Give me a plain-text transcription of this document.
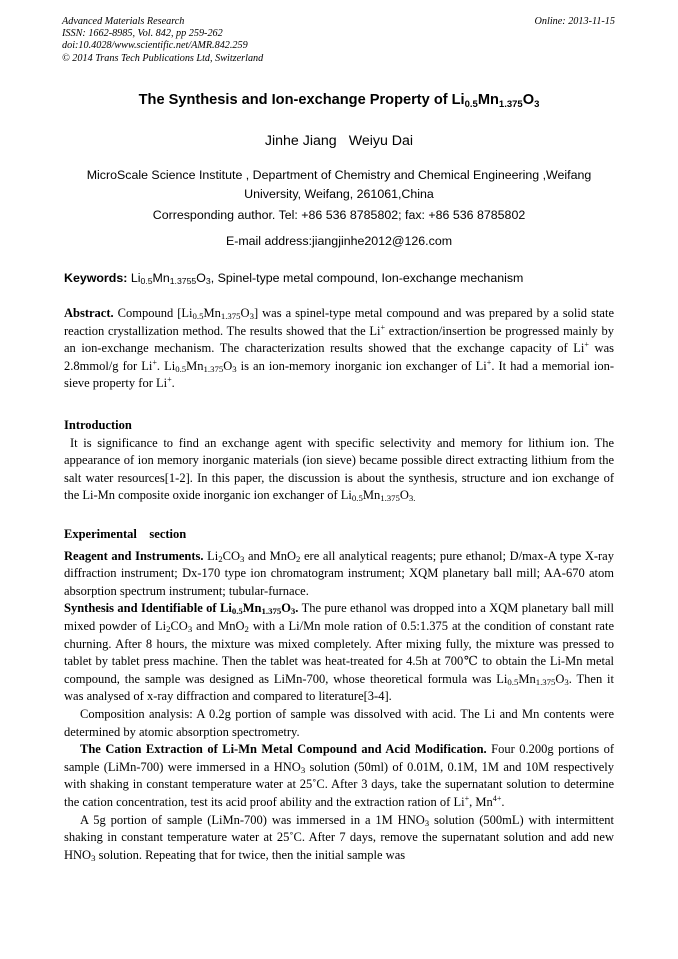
Advanced Materials Research
ISSN: 1662-8985, Vol. 842, pp 259-262
doi:10.4028/www.scientific.net/AMR.842.259
© 2014 Trans Tech Publications Ltd, Switzerland
Online: 2013-11-15
The Synthesis and Ion-exchange Property of $Li_{0.5}Mn_{1.375}O_3$
Jinhe Jiang Weiyu Dai
MicroScale Science Institute , Department of Chemistry and Chemical Engineering ,Weifang University, Weifang, 261061,China
Corresponding author. Tel: +86 536 8785802; fax: +86 536 8785802
E-mail address:jiangjinhe2012@126.com
Keywords: $Li_{0.5}Mn_{1.3755}O_3$, Spinel-type metal compound, Ion-exchange mechanism

Abstract. Compound $[Li_{0.5}Mn_{1.375}O_3]$ was a spinel-type metal compound and was prepared by a solid state reaction crystallization method. The results showed that the Li+ extraction/insertion be progressed mainly by an ion-exchange mechanism. The characterization results showed that the exchange capacity of Li+ was 2.8mmol/g for Li+. $Li_{0.5}Mn_{1.375}O_3$ is an ion-memory inorganic ion exchanger of Li+. It had a memorial ion-sieve property for Li+.

Introduction

It is significance to find an exchange agent with specific selectivity and memory for lithium ion. The appearance of ion memory inorganic materials (ion sieve) became possible direct extracting lithium from the salt water resources[1-2]. In this paper, the discussion is about the synthesis, structure and ion exchange of the Li-Mn composite oxide inorganic ion exchanger of $Li_{0.5}Mn_{1.375}O_{3.}$

Experimental    section

Reagent and Instruments. $Li_2CO_3$ and MnO$_2$ ere all analytical reagents; pure ethanol; D/max-A type X-ray diffraction instrument; Dx-170 type ion chromatogram instrument; XQM planetary ball mill; AA-670 atom absorption spectrum instrument; tubular-furnace.

Synthesis and Identifiable of $Li_{0.5}Mn_{1.375}O_3$. The pure ethanol was dropped into a XQM planetary ball mill mixed powder of $Li_2CO_3$ and MnO$_2$ with a Li/Mn mole ration of 0.5:1.375 at the condition of constant rate churning. After 8 hours, the mixture was mixed completely. After mixing fully, the mixture was pressed to tablet by tablet press machine. Then the tablet was heat-treated for 4.5h at 700℃ to obtain the Li-Mn metal compound, the sample was designed as LiMn-700, whose theoretical formula was $Li_{0.5}Mn_{1.375}O_3$. Then it was analysed of x-ray diffraction and compared to literature[3-4].

Composition analysis: A 0.2g portion of sample was dissolved with acid. The Li and Mn contents were determined by atomic absorption spectrometry.

The Cation Extraction of Li-Mn Metal Compound and Acid Modification. Four 0.200g portions of sample (LiMn-700) were immersed in a $HNO_3$ solution (50ml) of 0.01M, 0.1M, 1M and 10M respectively with shaking in constant temperature water at 25˚C. After 3 days, take the supernatant solution to determine the cation concentration, test its acid proof ability and the extraction ration of Li+, $Mn^{4+}$.

A 5g portion of sample (LiMn-700) was immersed in a 1M $HNO_3$ solution (500mL) with intermittent shaking in constant temperature water at 25˚C. After 7 days, remove the supernatant solution and add new $HNO_3$ solution. Repeating that for twice, then the initial sample was
